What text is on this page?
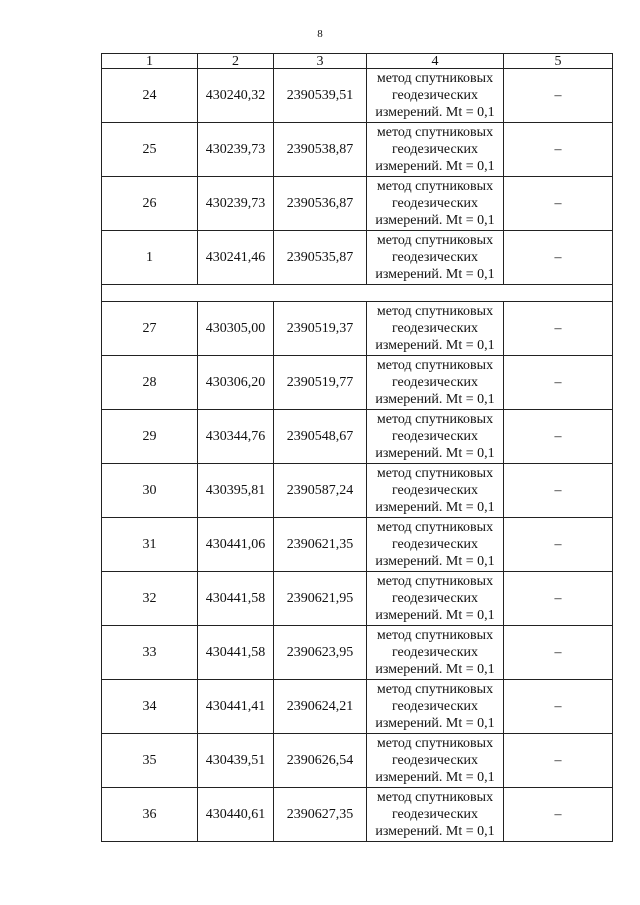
8
1	2	3	4	5
24	430240,32	2390539,51	метод спутниковых
геодезических
измерений. Mt = 0,1	–
25	430239,73	2390538,87	метод спутниковых
геодезических
измерений. Mt = 0,1	–
26	430239,73	2390536,87	метод спутниковых
геодезических
измерений. Mt = 0,1	–
1	430241,46	2390535,87	метод спутниковых
геодезических
измерений. Mt = 0,1	–

27	430305,00	2390519,37	метод спутниковых
геодезических
измерений. Mt = 0,1	–
28	430306,20	2390519,77	метод спутниковых
геодезических
измерений. Mt = 0,1	–
29	430344,76	2390548,67	метод спутниковых
геодезических
измерений. Mt = 0,1	–
30	430395,81	2390587,24	метод спутниковых
геодезических
измерений. Mt = 0,1	–
31	430441,06	2390621,35	метод спутниковых
геодезических
измерений. Mt = 0,1	–
32	430441,58	2390621,95	метод спутниковых
геодезических
измерений. Mt = 0,1	–
33	430441,58	2390623,95	метод спутниковых
геодезических
измерений. Mt = 0,1	–
34	430441,41	2390624,21	метод спутниковых
геодезических
измерений. Mt = 0,1	–
35	430439,51	2390626,54	метод спутниковых
геодезических
измерений. Mt = 0,1	–
36	430440,61	2390627,35	метод спутниковых
геодезических
измерений. Mt = 0,1	–
